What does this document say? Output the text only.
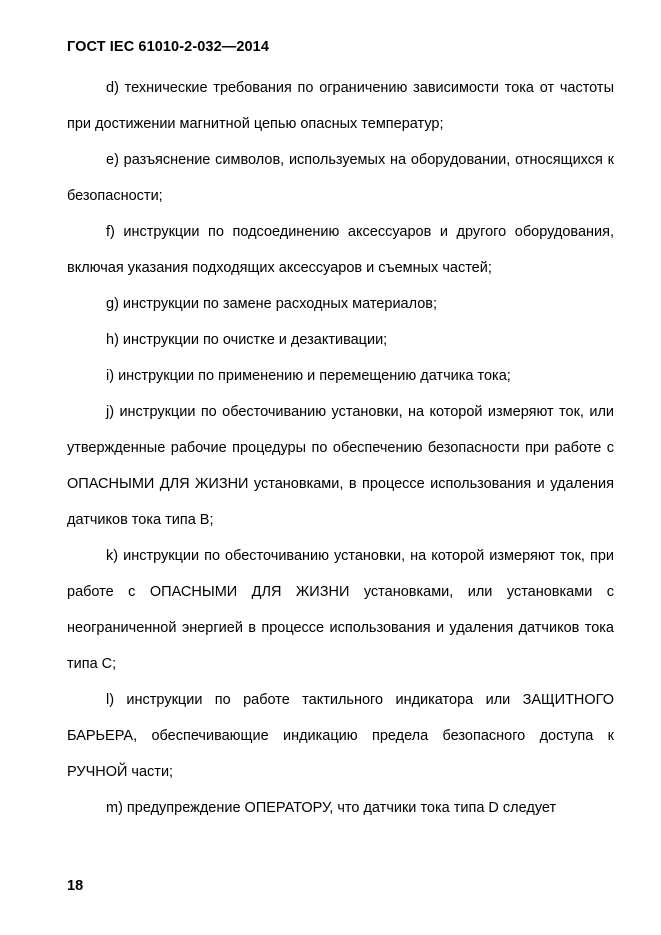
ГОСТ IEC 61010-2-032—2014

d) технические требования по ограничению зависимости тока от частоты при достижении магнитной цепью опасных температур;

e) разъяснение символов, используемых на оборудовании, относящихся к безопасности;

f) инструкции по подсоединению аксессуаров и другого оборудования, включая указания подходящих аксессуаров и съемных частей;

g) инструкции по замене расходных материалов;

h) инструкции по очистке и дезактивации;

i) инструкции по применению и перемещению датчика тока;

j) инструкции по обесточиванию установки, на которой измеряют ток, или утвержденные рабочие процедуры по обеспечению безопасности при работе с ОПАСНЫМИ ДЛЯ ЖИЗНИ установками, в процессе использования и удаления датчиков тока типа В;

k) инструкции по обесточиванию установки, на которой измеряют ток, при работе с ОПАСНЫМИ ДЛЯ ЖИЗНИ установками, или установками с неограниченной энергией в процессе использования и удаления датчиков тока типа С;

l) инструкции по работе тактильного индикатора или ЗАЩИТНОГО БАРЬЕРА, обеспечивающие индикацию предела безопасного доступа к РУЧНОЙ части;

m) предупреждение ОПЕРАТОРУ, что датчики тока типа D следует

18
